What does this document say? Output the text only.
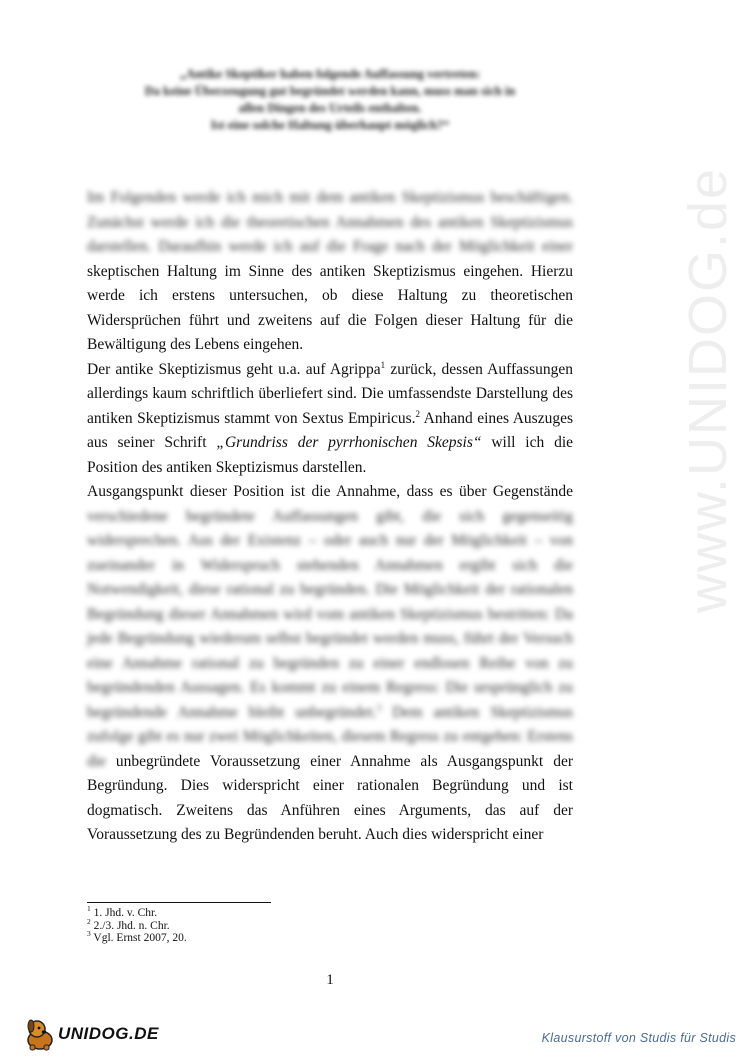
www.UNIDOG.de
„Antike Skeptiker haben folgende Auffassung vertreten:
Da keine Überzeugung gut begründet werden kann, muss man sich in
allen Dingen des Urteils enthalten.
Ist eine solche Haltung überhaupt möglich?“

Im Folgenden werde ich mich mit dem antiken Skeptizismus beschäftigen. Zunächst werde ich die theoretischen Annahmen des antiken Skeptizismus darstellen. Daraufhin werde ich auf die Frage nach der Möglichkeit einer skeptischen Haltung im Sinne des antiken Skeptizismus eingehen. Hierzu werde ich erstens untersuchen, ob diese Haltung zu theoretischen Widersprüchen führt und zweitens auf die Folgen dieser Haltung für die Bewältigung des Lebens eingehen.

Der antike Skeptizismus geht u.a. auf Agrippa$^1$ zurück, dessen Auffassungen allerdings kaum schriftlich überliefert sind. Die umfassendste Darstellung des antiken Skeptizismus stammt von Sextus Empiricus.$^2$ Anhand eines Auszuges aus seiner Schrift „Grundriss der pyrrhonischen Skepsis“ will ich die Position des antiken Skeptizismus darstellen.

Ausgangspunkt dieser Position ist die Annahme, dass es über Gegenstände verschiedene begründete Auffassungen gibt, die sich gegenseitig widersprechen. Aus der Existenz – oder auch nur der Möglichkeit – von zueinander in Widerspruch stehenden Annahmen ergibt sich die Notwendigkeit, diese rational zu begründen. Die Möglichkeit der rationalen Begründung dieser Annahmen wird vom antiken Skeptizismus bestritten: Da jede Begründung wiederum selbst begründet werden muss, führt der Versuch eine Annahme rational zu begründen zu einer endlosen Reihe von zu begründenden Aussagen. Es kommt zu einem Regress: Die ursprünglich zu begründende Annahme bleibt unbegründet.$^3$ Dem antiken Skeptizismus zufolge gibt es nur zwei Möglichkeiten, diesem Regress zu entgehen: Erstens die unbegründete Voraussetzung einer Annahme als Ausgangspunkt der Begründung. Dies widerspricht einer rationalen Begründung und ist dogmatisch. Zweitens das Anführen eines Arguments, das auf der Voraussetzung des zu Begründenden beruht. Auch dies widerspricht einer

$^1$ 1. Jhd. v. Chr.
$^2$ 2./3. Jhd. n. Chr.
$^3$ Vgl. Ernst 2007, 20.
1
UNIDOG.DE	Klausurstoff von Studis für Studis
